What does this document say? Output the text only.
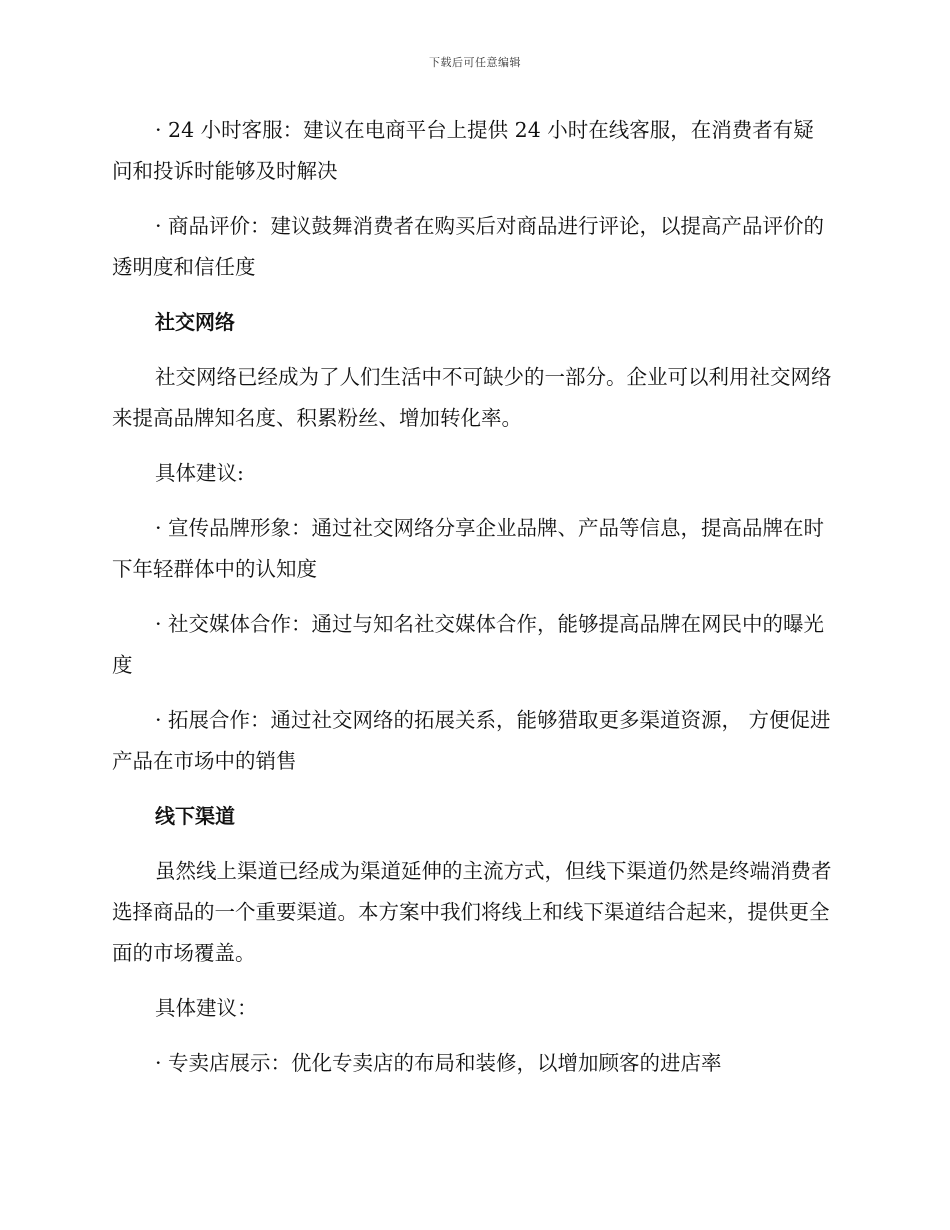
下载后可任意编辑

· 24 小时客服：建议在电商平台上提供 24 小时在线客服，在消费者有疑问和投诉时能够及时解决

· 商品评价：建议鼓舞消费者在购买后对商品进行评论，以提高产品评价的透明度和信任度

社交网络

社交网络已经成为了人们生活中不可缺少的一部分。企业可以利用社交网络来提高品牌知名度、积累粉丝、增加转化率。

具体建议:

· 宣传品牌形象：通过社交网络分享企业品牌、产品等信息，提高品牌在时下年轻群体中的认知度

· 社交媒体合作：通过与知名社交媒体合作，能够提高品牌在网民中的曝光度

· 拓展合作：通过社交网络的拓展关系，能够猎取更多渠道资源， 方便促进产品在市场中的销售

线下渠道

虽然线上渠道已经成为渠道延伸的主流方式，但线下渠道仍然是终端消费者选择商品的一个重要渠道。本方案中我们将线上和线下渠道结合起来，提供更全面的市场覆盖。

具体建议：

· 专卖店展示：优化专卖店的布局和装修，以增加顾客的进店率
